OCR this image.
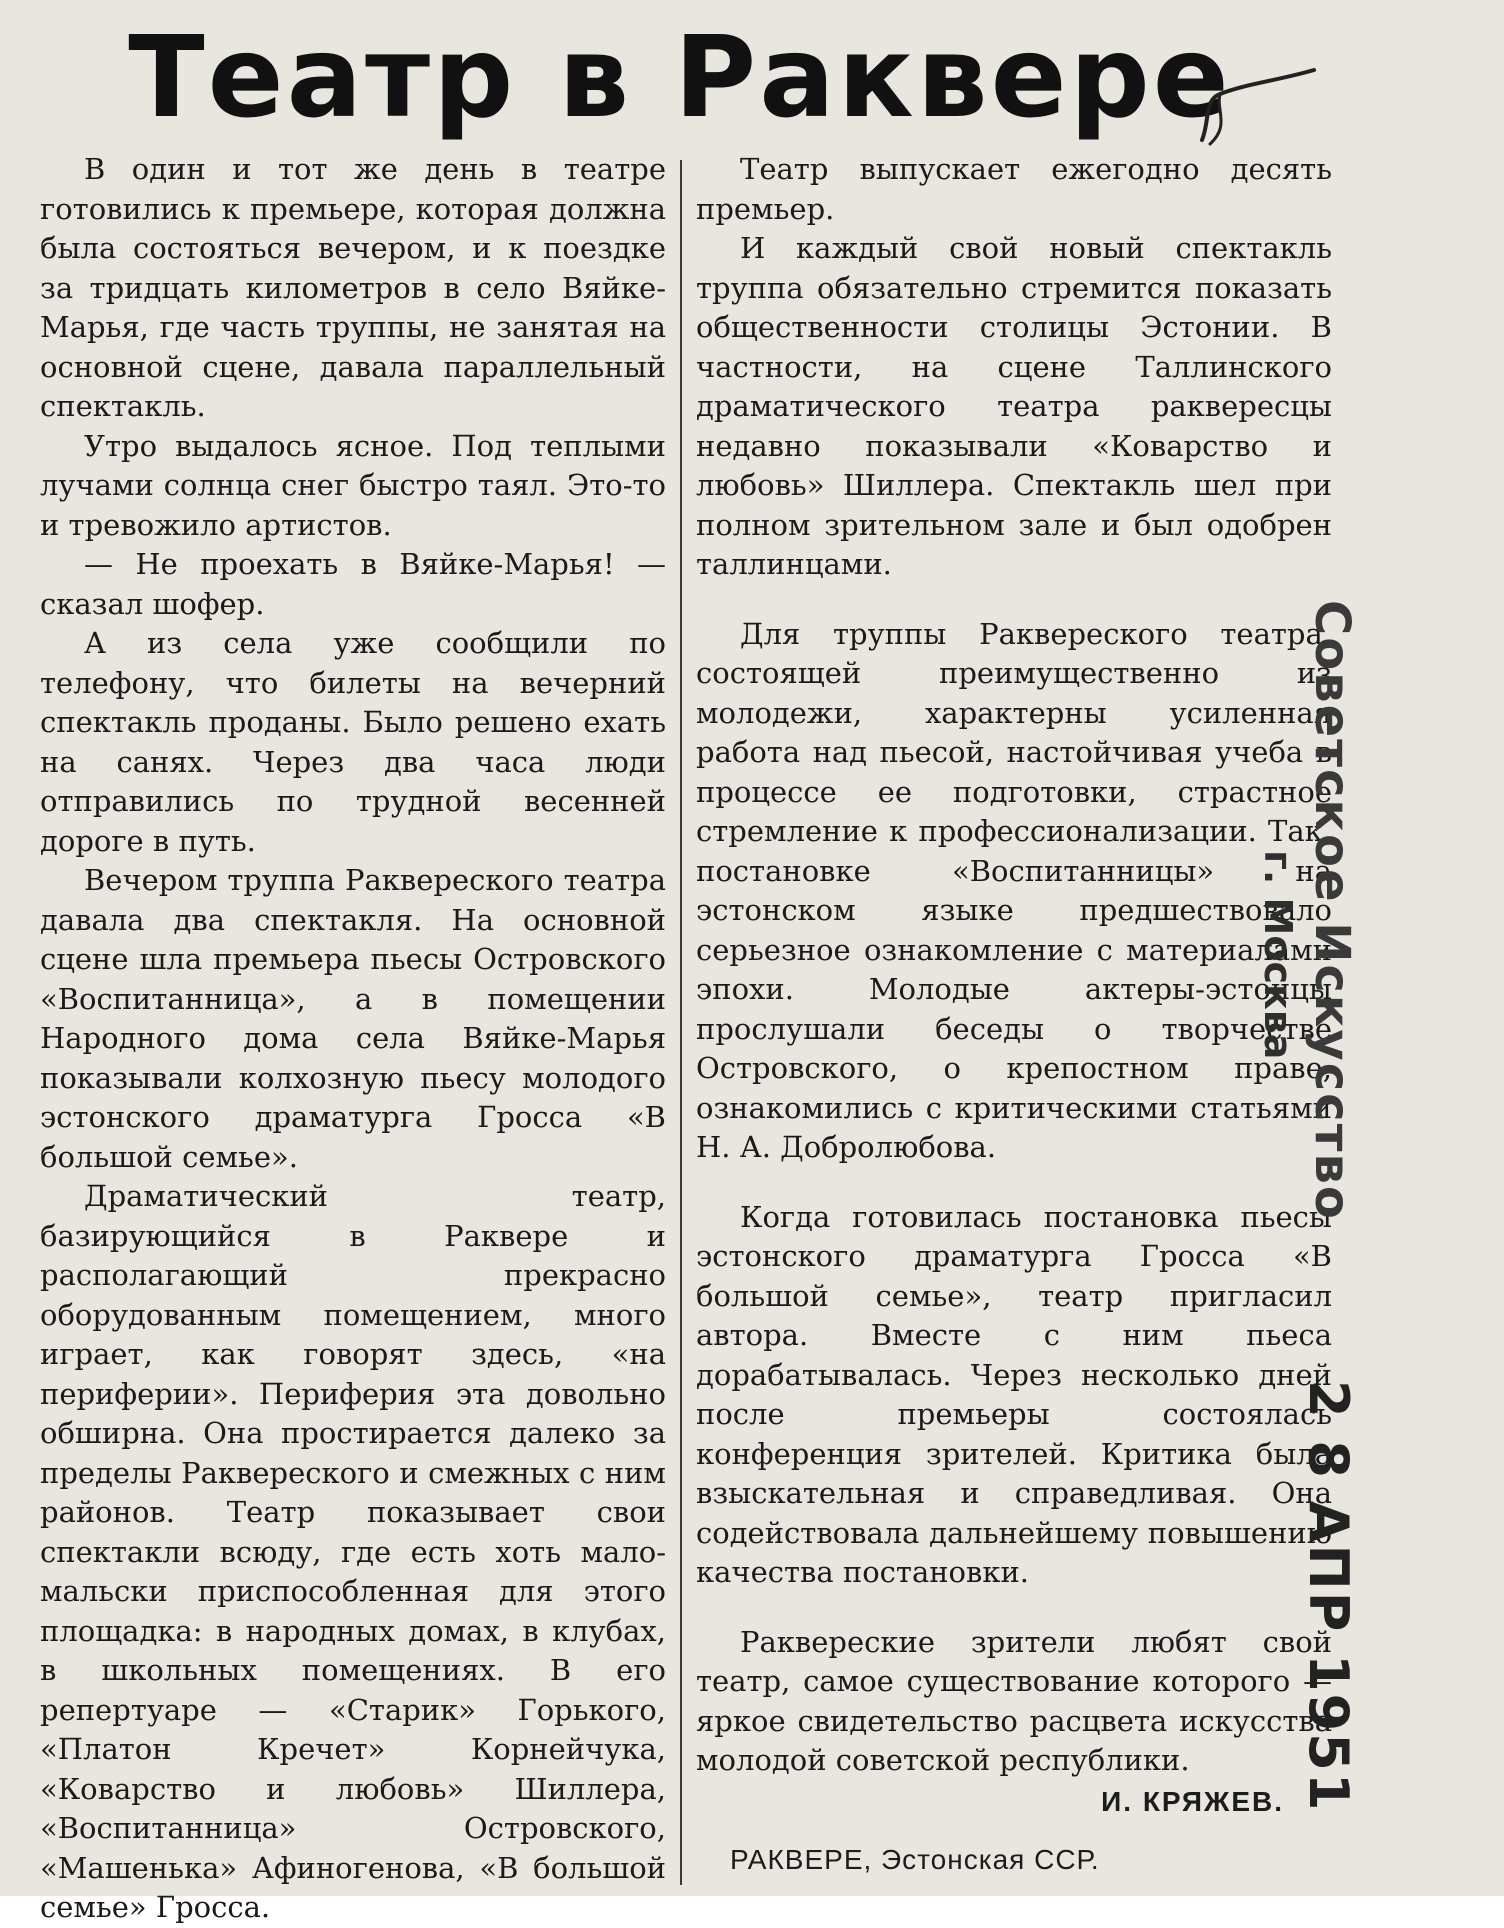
Театр в Раквере

В один и тот же день в театре готовились к премьере, которая должна была состояться вечером, и к поездке за тридцать километров в село Вяйке-Марья, где часть труппы, не занятая на основной сцене, давала параллельный спектакль.

Утро выдалось ясное. Под теплыми лучами солнца снег быстро таял. Это-то и тревожило артистов.

— Не проехать в Вяйке-Марья! — сказал шофер.

А из села уже сообщили по телефону, что билеты на вечерний спектакль проданы. Было решено ехать на санях. Через два часа люди отправились по трудной весенней дороге в путь.

Вечером труппа Раквереского театра давала два спектакля. На основной сцене шла премьера пьесы Островского «Воспитанница», а в помещении Народного дома села Вяйке-Марья показывали колхозную пьесу молодого эстонского драматурга Гросса «В большой семье».

Драматический театр, базирующийся в Раквере и располагающий прекрасно оборудованным помещением, много играет, как говорят здесь, «на периферии». Периферия эта довольно обширна. Она простирается далеко за пределы Раквереского и смежных с ним районов. Театр показывает свои спектакли всюду, где есть хоть мало-мальски приспособленная для этого площадка: в народных домах, в клубах, в школьных помещениях. В его репертуаре — «Старик» Горького, «Платон Кречет» Корнейчука, «Коварство и любовь» Шиллера, «Воспитанница» Островского, «Машенька» Афиногенова, «В большой семье» Гросса.

Театр выпускает ежегодно десять премьер.

И каждый свой новый спектакль труппа обязательно стремится показать общественности столицы Эстонии. В частности, на сцене Таллинского драматического театра раквересцы недавно показывали «Коварство и любовь» Шиллера. Спектакль шел при полном зрительном зале и был одобрен таллинцами.

Для труппы Раквереского театра, состоящей преимущественно из молодежи, характерны усиленная работа над пьесой, настойчивая учеба в процессе ее подготовки, страстное стремление к профессионализации. Так, постановке «Воспитанницы» на эстонском языке предшествовало серьезное ознакомление с материалами эпохи. Молодые актеры-эстонцы прослушали беседы о творчестве Островского, о крепостном праве, ознакомились с критическими статьями Н. А. Добролюбова.

Когда готовилась постановка пьесы эстонского драматурга Гросса «В большой семье», театр пригласил автора. Вместе с ним пьеса дорабатывалась. Через несколько дней после премьеры состоялась конференция зрителей. Критика была взыскательная и справедливая. Она содействовала дальнейшему повышению качества постановки.

Раквереские зрители любят свой театр, самое существование которого — яркое свидетельство расцвета искусства молодой советской республики.

И. КРЯЖЕВ.

РАКВЕРЕ, Эстонская ССР.

Советское Искусство
г. Москва
2 8 АПР 1951
